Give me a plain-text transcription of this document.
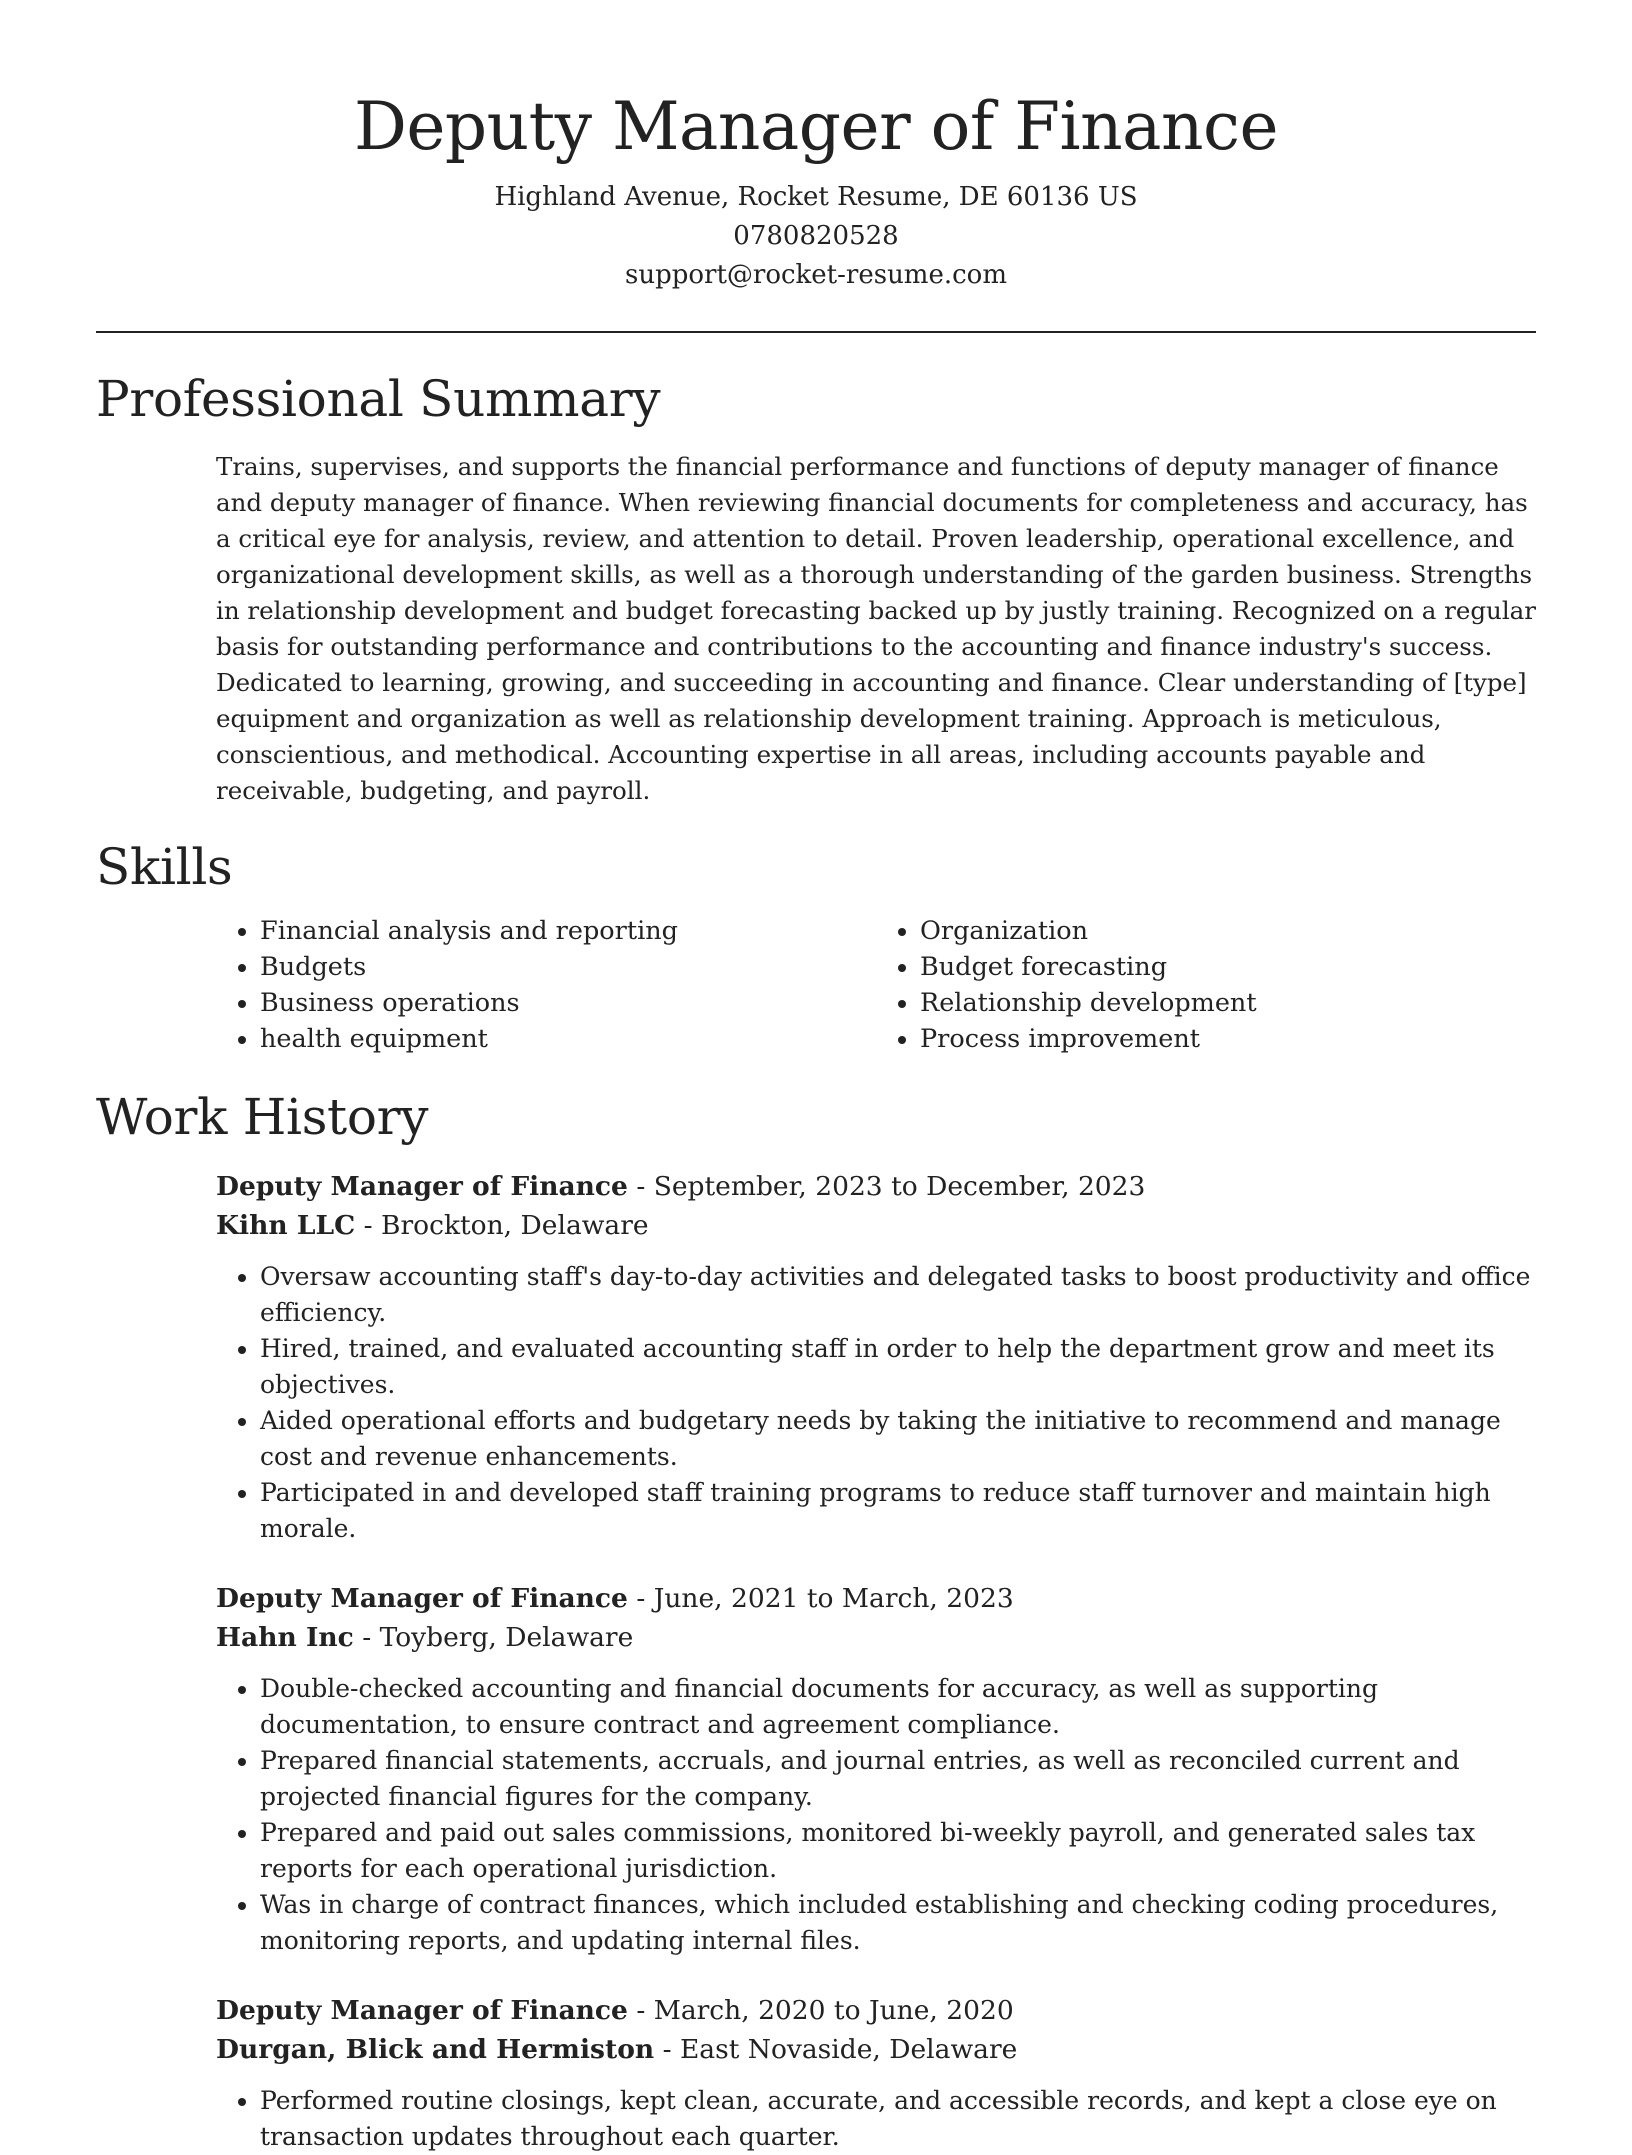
Deputy Manager of Finance
Highland Avenue, Rocket Resume, DE 60136 US
0780820528
support@rocket-resume.com
Professional Summary

Trains, supervises, and supports the financial performance and functions of deputy manager of finance and deputy manager of finance. When reviewing financial documents for completeness and accuracy, has a critical eye for analysis, review, and attention to detail. Proven leadership, operational excellence, and organizational development skills, as well as a thorough understanding of the garden business. Strengths in relationship development and budget forecasting backed up by justly training. Recognized on a regular basis for outstanding performance and contributions to the accounting and finance industry's success. Dedicated to learning, growing, and succeeding in accounting and finance. Clear understanding of [type] equipment and organization as well as relationship development training. Approach is meticulous, conscientious, and methodical. Accounting expertise in all areas, including accounts payable and receivable, budgeting, and payroll.

Skills
• Financial analysis and reporting
• Budgets
• Business operations
• health equipment
• Organization
• Budget forecasting
• Relationship development
• Process improvement
Work History
Deputy Manager of Finance - September, 2023 to December, 2023
Kihn LLC - Brockton, Delaware
• Oversaw accounting staff's day-to-day activities and delegated tasks to boost productivity and office efficiency.
• Hired, trained, and evaluated accounting staff in order to help the department grow and meet its objectives.
• Aided operational efforts and budgetary needs by taking the initiative to recommend and manage cost and revenue enhancements.
• Participated in and developed staff training programs to reduce staff turnover and maintain high morale.
Deputy Manager of Finance - June, 2021 to March, 2023
Hahn Inc - Toyberg, Delaware
• Double-checked accounting and financial documents for accuracy, as well as supporting documentation, to ensure contract and agreement compliance.
• Prepared financial statements, accruals, and journal entries, as well as reconciled current and projected financial figures for the company.
• Prepared and paid out sales commissions, monitored bi-weekly payroll, and generated sales tax reports for each operational jurisdiction.
• Was in charge of contract finances, which included establishing and checking coding procedures, monitoring reports, and updating internal files.
Deputy Manager of Finance - March, 2020 to June, 2020
Durgan, Blick and Hermiston - East Novaside, Delaware
• Performed routine closings, kept clean, accurate, and accessible records, and kept a close eye on transaction updates throughout each quarter.
